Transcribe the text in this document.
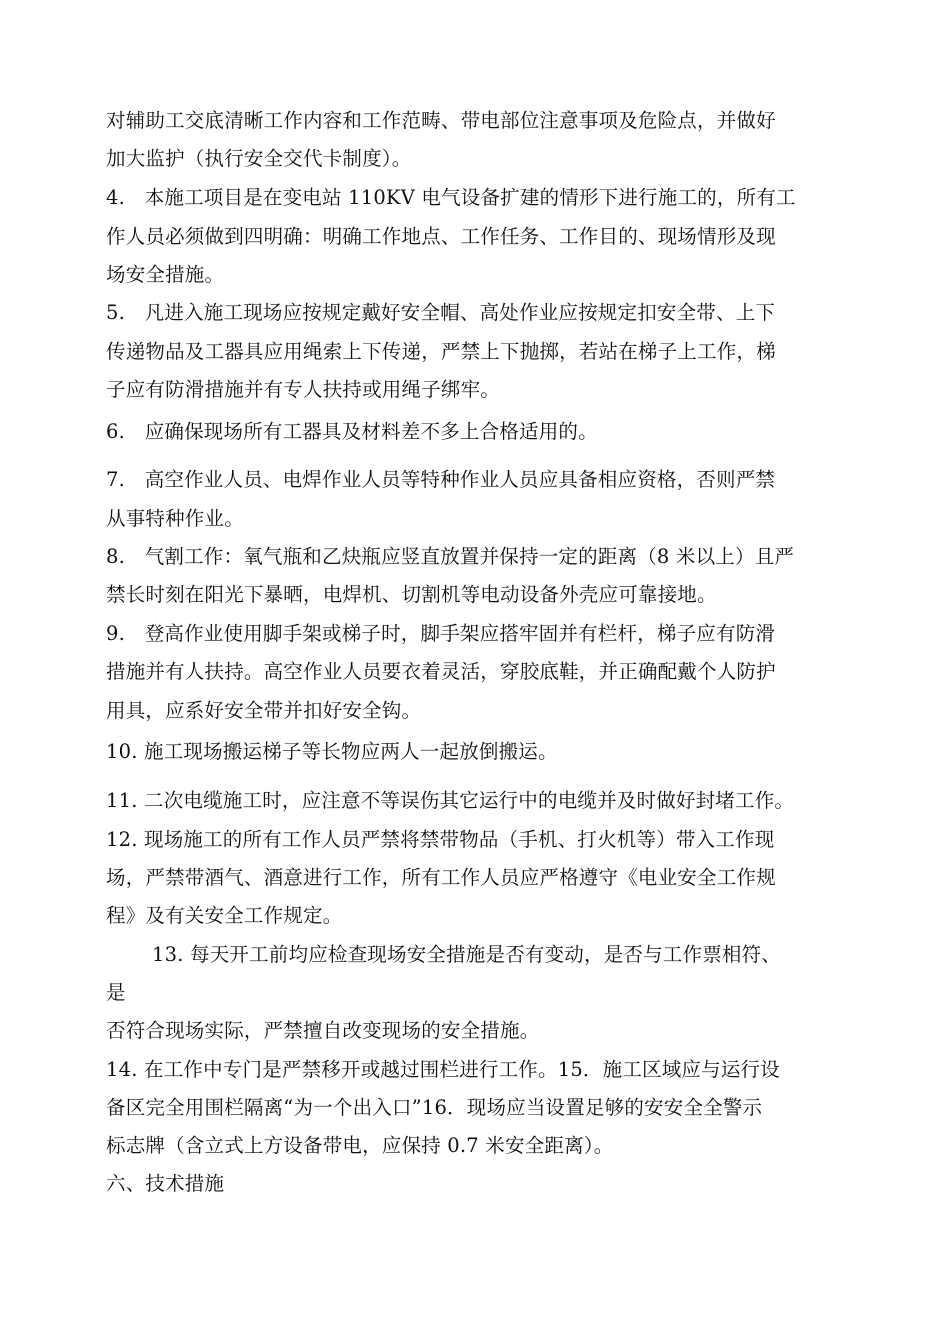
对辅助工交底清晰工作内容和工作范畴、带电部位注意事项及危险点，并做好
加大监护（执行安全交代卡制度）。
4.　本施工项目是在变电站 110KV 电气设备扩建的情形下进行施工的，所有工
作人员必须做到四明确：明确工作地点、工作任务、工作目的、现场情形及现
场安全措施。
5.　凡进入施工现场应按规定戴好安全帽、高处作业应按规定扣安全带、上下
传递物品及工器具应用绳索上下传递，严禁上下抛掷，若站在梯子上工作，梯
子应有防滑措施并有专人扶持或用绳子绑牢。
6.　应确保现场所有工器具及材料差不多上合格适用的。
7.　高空作业人员、电焊作业人员等特种作业人员应具备相应资格，否则严禁
从事特种作业。
8.　气割工作：氧气瓶和乙炔瓶应竖直放置并保持一定的距离（8 米以上）且严
禁长时刻在阳光下暴晒，电焊机、切割机等电动设备外壳应可靠接地。
9.　登高作业使用脚手架或梯子时，脚手架应搭牢固并有栏杆，梯子应有防滑
措施并有人扶持。高空作业人员要衣着灵活，穿胶底鞋，并正确配戴个人防护
用具，应系好安全带并扣好安全钩。
10. 施工现场搬运梯子等长物应两人一起放倒搬运。
11. 二次电缆施工时，应注意不等误伤其它运行中的电缆并及时做好封堵工作。
12. 现场施工的所有工作人员严禁将禁带物品（手机、打火机等）带入工作现
场，严禁带酒气、酒意进行工作，所有工作人员应严格遵守《电业安全工作规
程》及有关安全工作规定。
13. 每天开工前均应检查现场安全措施是否有变动，是否与工作票相符、
是
否符合现场实际，严禁擅自改变现场的安全措施。
14. 在工作中专门是严禁移开或越过围栏进行工作。15．施工区域应与运行设
备区完全用围栏隔离“为一个出入口”16．现场应当设置足够的安安全全警示
标志牌（含立式上方设备带电，应保持 0.7 米安全距离）。
六、技术措施
